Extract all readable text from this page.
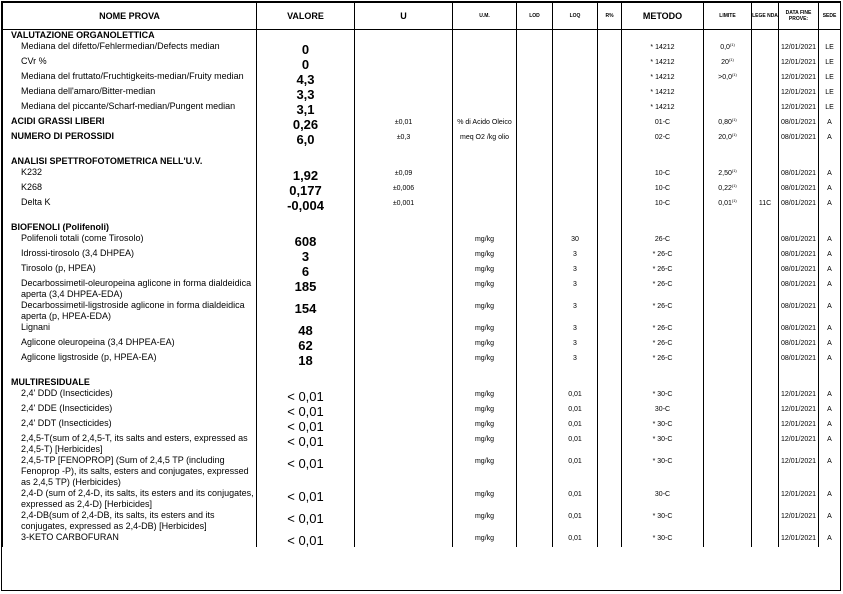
NOME PROVA	VALORE	U	U.M.	LOD	LOQ	R%	METODO	LIMITE	LEGE NDA	DATA FINE PROVE:	SEDE
VALUTAZIONE ORGANOLETTICA											
Mediana del difetto/Fehlermedian/Defects median	0						* 14212	0,0$^{(1)}$		12/01/2021	LE
CVr %	0						* 14212	20$^{(1)}$		12/01/2021	LE
Mediana del fruttato/Fruchtigkeits-median/Fruity median	4,3						* 14212	$>0,0^{(1)}$		12/01/2021	LE
Mediana dell'amaro/Bitter-median	3,3						* 14212			12/01/2021	LE
Mediana del piccante/Scharf-median/Pungent median	3,1						* 14212			12/01/2021	LE
ACIDI GRASSI LIBERI	0,26	±0,01	% di Acido Oleico				01-C	0,80$^{(1)}$		08/01/2021	A
NUMERO DI PEROSSIDI	6,0	±0,3	meq O2 /kg olio				02-C	20,0$^{(1)}$		08/01/2021	A

ANALISI SPETTROFOTOMETRICA NELL'U.V.											
K232	1,92	±0,09					10-C	2,50$^{(1)}$		08/01/2021	A
K268	0,177	±0,006					10-C	0,22$^{(1)}$		08/01/2021	A
Delta K	-0,004	±0,001					10-C	0,01$^{(1)}$	11C	08/01/2021	A

BIOFENOLI (Polifenoli)											
Polifenoli totali (come Tirosolo)	608		mg/kg		30		26-C			08/01/2021	A
Idrossi-tirosolo (3,4 DHPEA)	3		mg/kg		3		* 26-C			08/01/2021	A
Tirosolo (p, HPEA)	6		mg/kg		3		* 26-C			08/01/2021	A
Decarbossimetil-oleuropeina aglicone in forma dialdeidica aperta (3,4 DHPEA-EDA)	185		mg/kg		3		* 26-C			08/01/2021	A
Decarbossimetil-ligstroside aglicone in forma dialdeidica aperta (p, HPEA-EDA)	154		mg/kg		3		* 26-C			08/01/2021	A
Lignani	48		mg/kg		3		* 26-C			08/01/2021	A
Aglicone oleuropeina (3,4 DHPEA-EA)	62		mg/kg		3		* 26-C			08/01/2021	A
Aglicone ligstroside (p, HPEA-EA)	18		mg/kg		3		* 26-C			08/01/2021	A

MULTIRESIDUALE											
2,4' DDD (Insecticides)	< 0,01		mg/kg		0,01		* 30-C			12/01/2021	A
2,4' DDE (Insecticides)	< 0,01		mg/kg		0,01		30-C			12/01/2021	A
2,4' DDT (Insecticides)	< 0,01		mg/kg		0,01		* 30-C			12/01/2021	A
2,4,5-T(sum of 2,4,5-T, its salts and esters, expressed as 2,4,5-T) [Herbicides]	< 0,01		mg/kg		0,01		* 30-C			12/01/2021	A
2,4,5-TP [FENOPROP] (Sum of 2,4,5 TP (including Fenoprop -P), its salts, esters and conjugates, expressed as 2,4,5 TP) (Herbicides)	< 0,01		mg/kg		0,01		* 30-C			12/01/2021	A
2,4-D (sum of 2,4-D, its salts, its esters and its conjugates, expressed as 2,4-D) [Herbicides]	< 0,01		mg/kg		0,01		30-C			12/01/2021	A
2,4-DB(sum of 2,4-DB, its salts, its esters and its conjugates, expressed as 2,4-DB) [Herbicides]	< 0,01		mg/kg		0,01		* 30-C			12/01/2021	A
3-KETO CARBOFURAN	< 0,01		mg/kg		0,01		* 30-C			12/01/2021	A
